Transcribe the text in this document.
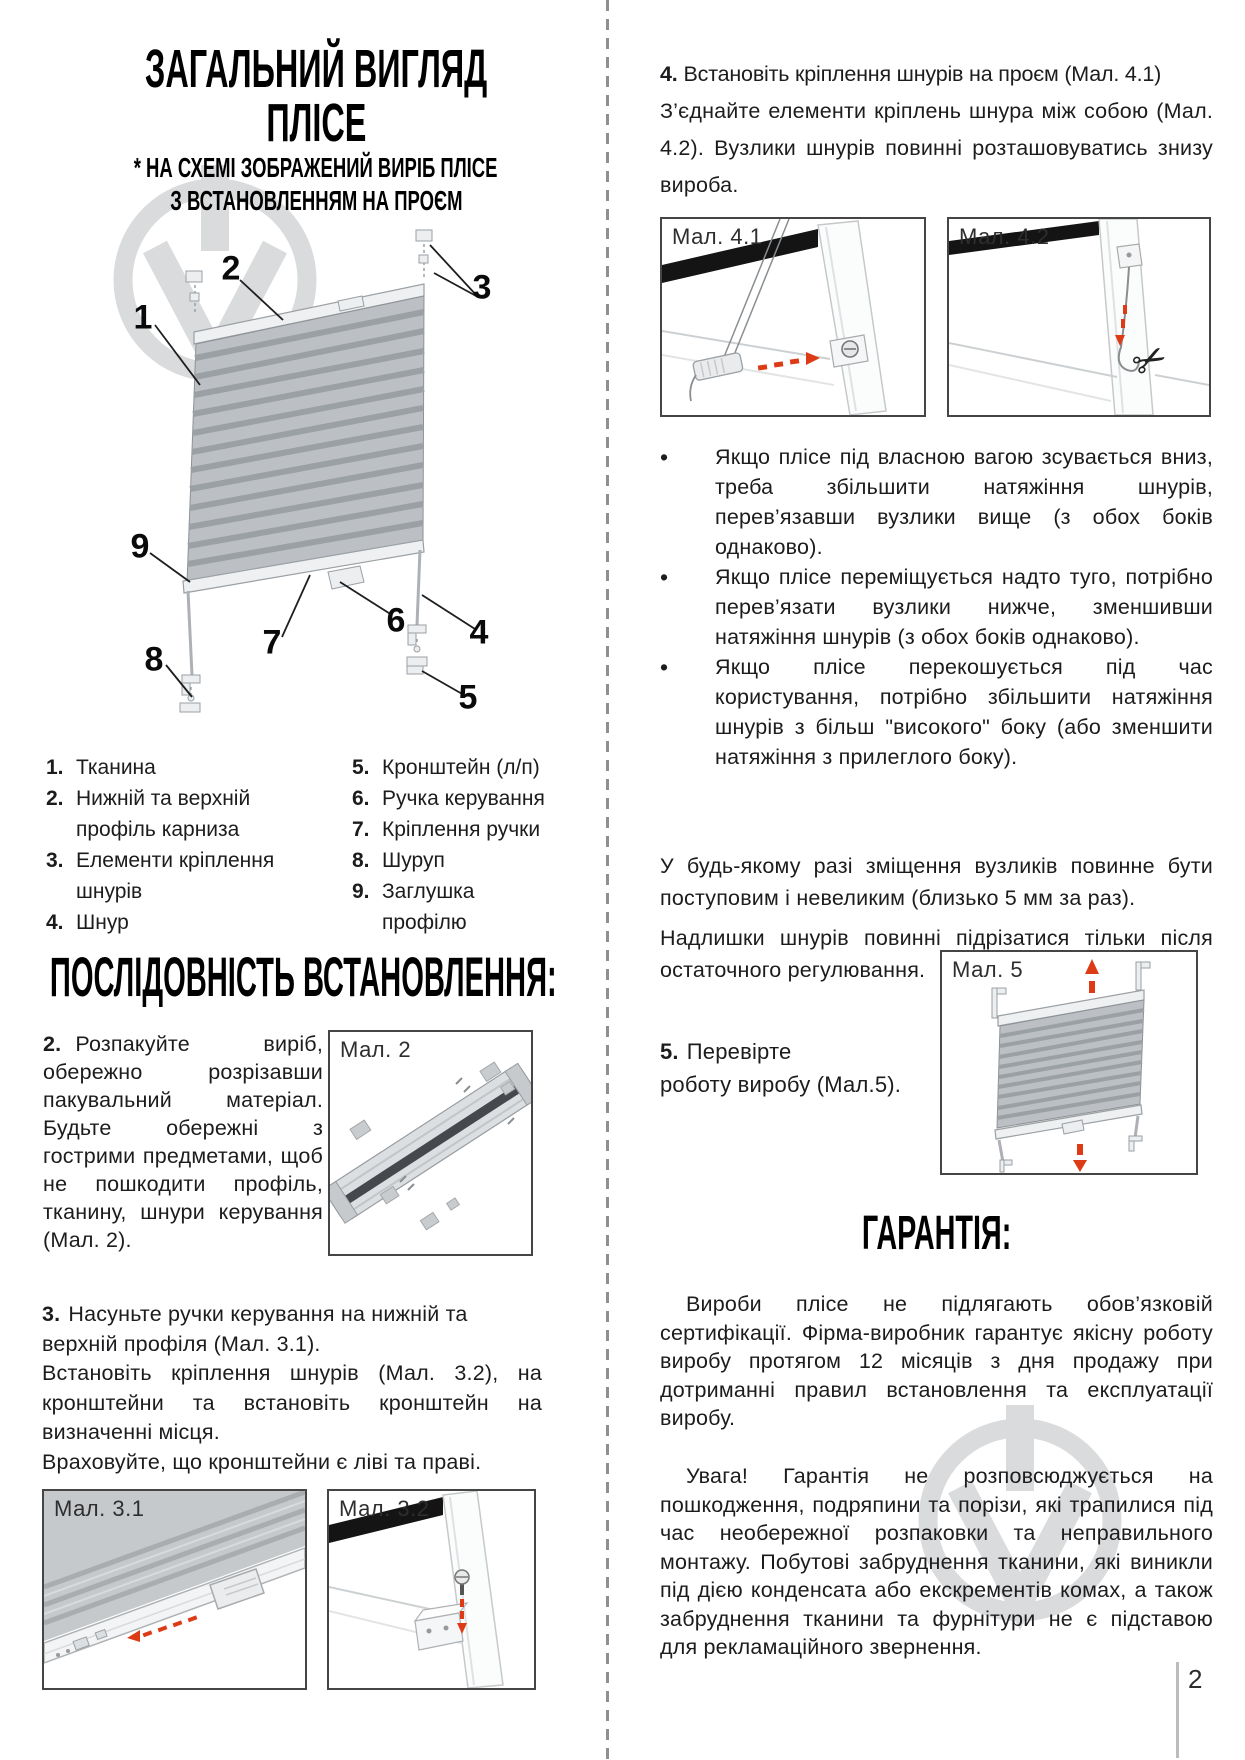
ЗАГАЛЬНИЙ ВИГЛЯД
ПЛІСЕ
* НА СХЕМІ ЗОБРАЖЕНИЙ ВИРІБ ПЛІСЕ
З ВСТАНОВЛЕННЯМ НА ПРОЄМ
1
2	3
4
5
6
7
8
9

1. Тканина

2. Нижній та верхній профіль карниза

3. Елементи кріплення шнурів

4. Шнур

5. Кронштейн (л/п)

6. Ручка керування

7. Кріплення ручки

8. Шуруп

9. Заглушка профілю

ПОСЛІДОВНІСТЬ ВСТАНОВЛЕННЯ:

2. Розпакуйте виріб, обережно розрізавши пакувальний матеріал. Будьте обережні з гострими предметами, щоб не пошкодити профіль, тканину, шнури керування (Мал. 2).

Мал. 2

3. Насуньте ручки керування на нижній та верхній профіля (Мал. 3.1).

Встановіть кріплення шнурів (Мал. 3.2), на кронштейни та встановіть кронштейн на визначенні місця.

Враховуйте, що кронштейни є ліві та праві.

Мал. 3.1	Мал. 3.2

4. Встановіть кріплення шнурів на проєм (Мал. 4.1)

З’єднайте елементи кріплень шнура між собою (Мал. 4.2). Вузлики шнурів повинні розташовуватись знизу вироба.

Мал. 4.1	Мал. 4.2
✂
•	Якщо плісе під власною вагою зсувається вниз, треба збільшити натяжіння шнурів, перев’язавши вузлики вище (з обох боків однаково).
•	Якщо плісе переміщується надто туго, потрібно перев’язати вузлики нижче, зменшивши натяжіння шнурів (з обох боків однаково).
•	Якщо плісе перекошується під час користування, потрібно збільшити натяжіння шнурів з більш "високого" боку (або зменшити натяжіння з прилеглого боку).

У будь-якому разі зміщення вузликів повинне бути поступовим і невеликим (близько 5 мм за раз).

Надлишки шнурів повинні підрізатися тільки після остаточного регулювання.

5. Перевірте

роботу виробу (Мал.5).

Мал. 5
ГАРАНТІЯ:

Вироби плісе не підлягають обов’язковій сертифікації. Фірма-виробник гарантує якісну роботу виробу протягом 12 місяців з дня продажу при дотриманні правил встановлення та експлуатації виробу.

Увага! Гарантія не розповсюджується на пошкодження, подряпини та порізи, які трапилися під час необережної розпаковки та неправильного монтажу. Побутові забруднення тканини, які виникли під дією конденсата або екскрементів комах, а також забруднення тканини та фурнітури не є підставою для рекламаційного звернення.

2
